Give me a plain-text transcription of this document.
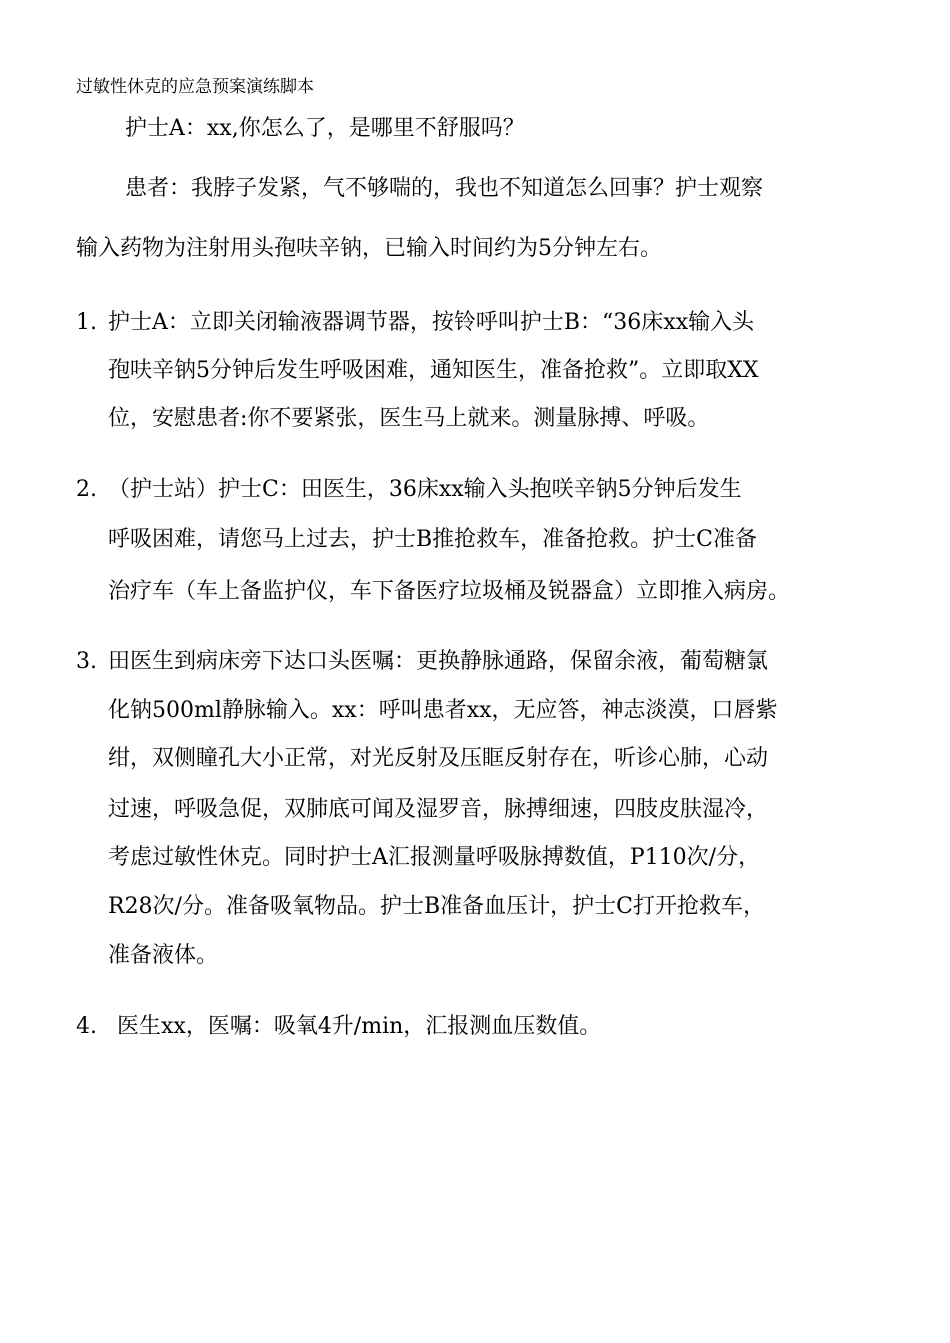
过敏性休克的应急预案演练脚本
护士A：xx,你怎么了，是哪里不舒服吗？
患者：我脖子发紧，气不够喘的，我也不知道怎么回事？护士观察
输入药物为注射用头孢呋辛钠，已输入时间约为5分钟左右。
1. 护士A：立即关闭输液器调节器，按铃呼叫护士B：“36床xx输入头
孢呋辛钠5分钟后发生呼吸困难，通知医生，准备抢救”。立即取XX
位，安慰患者:你不要紧张，医生马上就来。测量脉搏、呼吸。
2. （护士站）护士C：田医生，36床xx输入头抱咲辛钠5分钟后发生
呼吸困难，请您马上过去，护士B推抢救车，准备抢救。护士C准备
治疗车（车上备监护仪，车下备医疗垃圾桶及锐器盒）立即推入病房。
3. 田医生到病床旁下达口头医嘱：更换静脉通路，保留余液，葡萄糖氯
化钠500ml静脉输入。xx：呼叫患者xx，无应答，神志淡漠，口唇紫
绀，双侧瞳孔大小正常，对光反射及压眶反射存在，听诊心肺，心动
过速，呼吸急促，双肺底可闻及湿罗音，脉搏细速，四肢皮肤湿冷，
考虑过敏性休克。同时护士A汇报测量呼吸脉搏数值，P110次/分，
R28次/分。准备吸氧物品。护士B准备血压计，护士C打开抢救车，
准备液体。
4. 医生xx，医嘱：吸氧4升/min，汇报测血压数值。
